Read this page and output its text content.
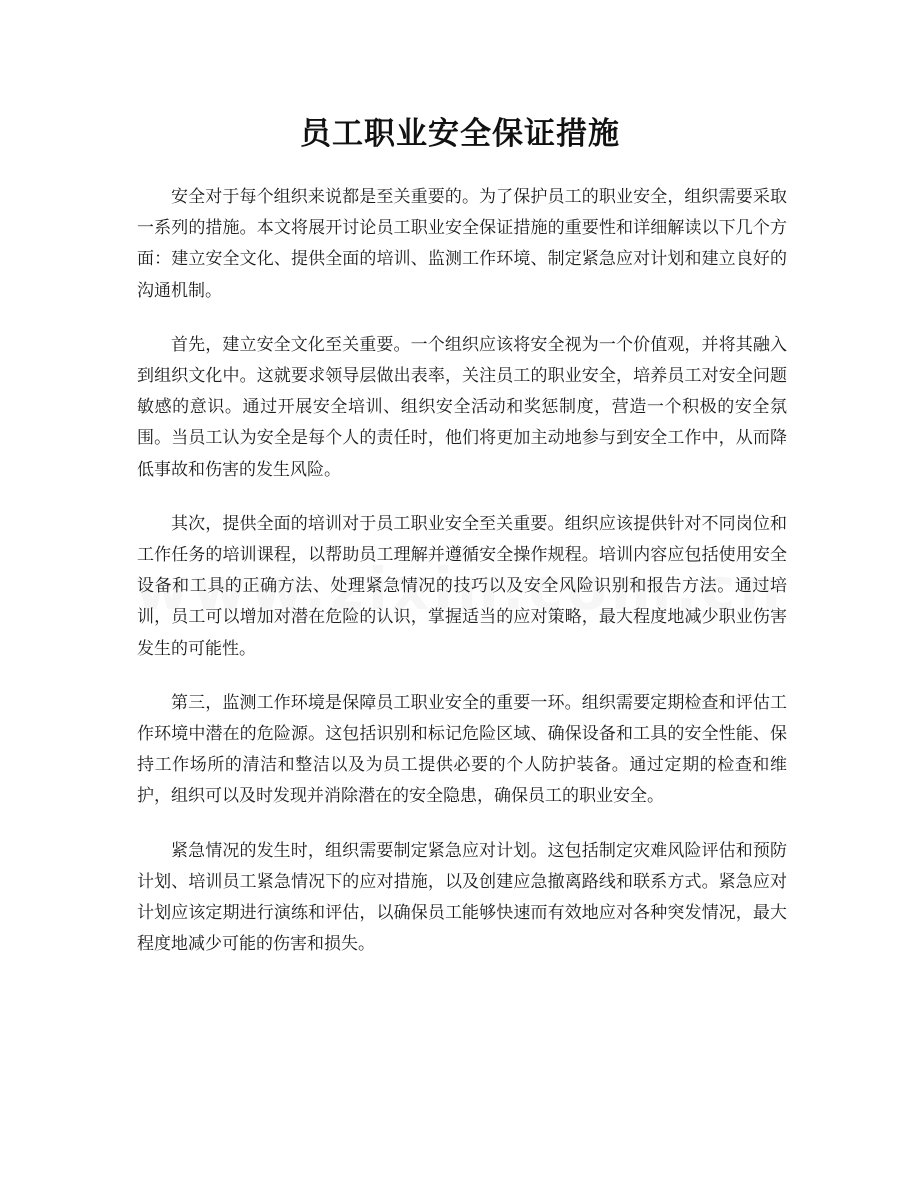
员工职业安全保证措施

安全对于每个组织来说都是至关重要的。为了保护员工的职业安全，组织需要采取一系列的措施。本文将展开讨论员工职业安全保证措施的重要性和详细解读以下几个方面：建立安全文化、提供全面的培训、监测工作环境、制定紧急应对计划和建立良好的沟通机制。

首先，建立安全文化至关重要。一个组织应该将安全视为一个价值观，并将其融入到组织文化中。这就要求领导层做出表率，关注员工的职业安全，培养员工对安全问题敏感的意识。通过开展安全培训、组织安全活动和奖惩制度，营造一个积极的安全氛围。当员工认为安全是每个人的责任时，他们将更加主动地参与到安全工作中，从而降低事故和伤害的发生风险。

其次，提供全面的培训对于员工职业安全至关重要。组织应该提供针对不同岗位和工作任务的培训课程，以帮助员工理解并遵循安全操作规程。培训内容应包括使用安全设备和工具的正确方法、处理紧急情况的技巧以及安全风险识别和报告方法。通过培训，员工可以增加对潜在危险的认识，掌握适当的应对策略，最大程度地减少职业伤害发生的可能性。

第三，监测工作环境是保障员工职业安全的重要一环。组织需要定期检查和评估工作环境中潜在的危险源。这包括识别和标记危险区域、确保设备和工具的安全性能、保持工作场所的清洁和整洁以及为员工提供必要的个人防护装备。通过定期的检查和维护，组织可以及时发现并消除潜在的安全隐患，确保员工的职业安全。

紧急情况的发生时，组织需要制定紧急应对计划。这包括制定灾难风险评估和预防计划、培训员工紧急情况下的应对措施，以及创建应急撤离路线和联系方式。紧急应对计划应该定期进行演练和评估，以确保员工能够快速而有效地应对各种突发情况，最大程度地减少可能的伤害和损失。
